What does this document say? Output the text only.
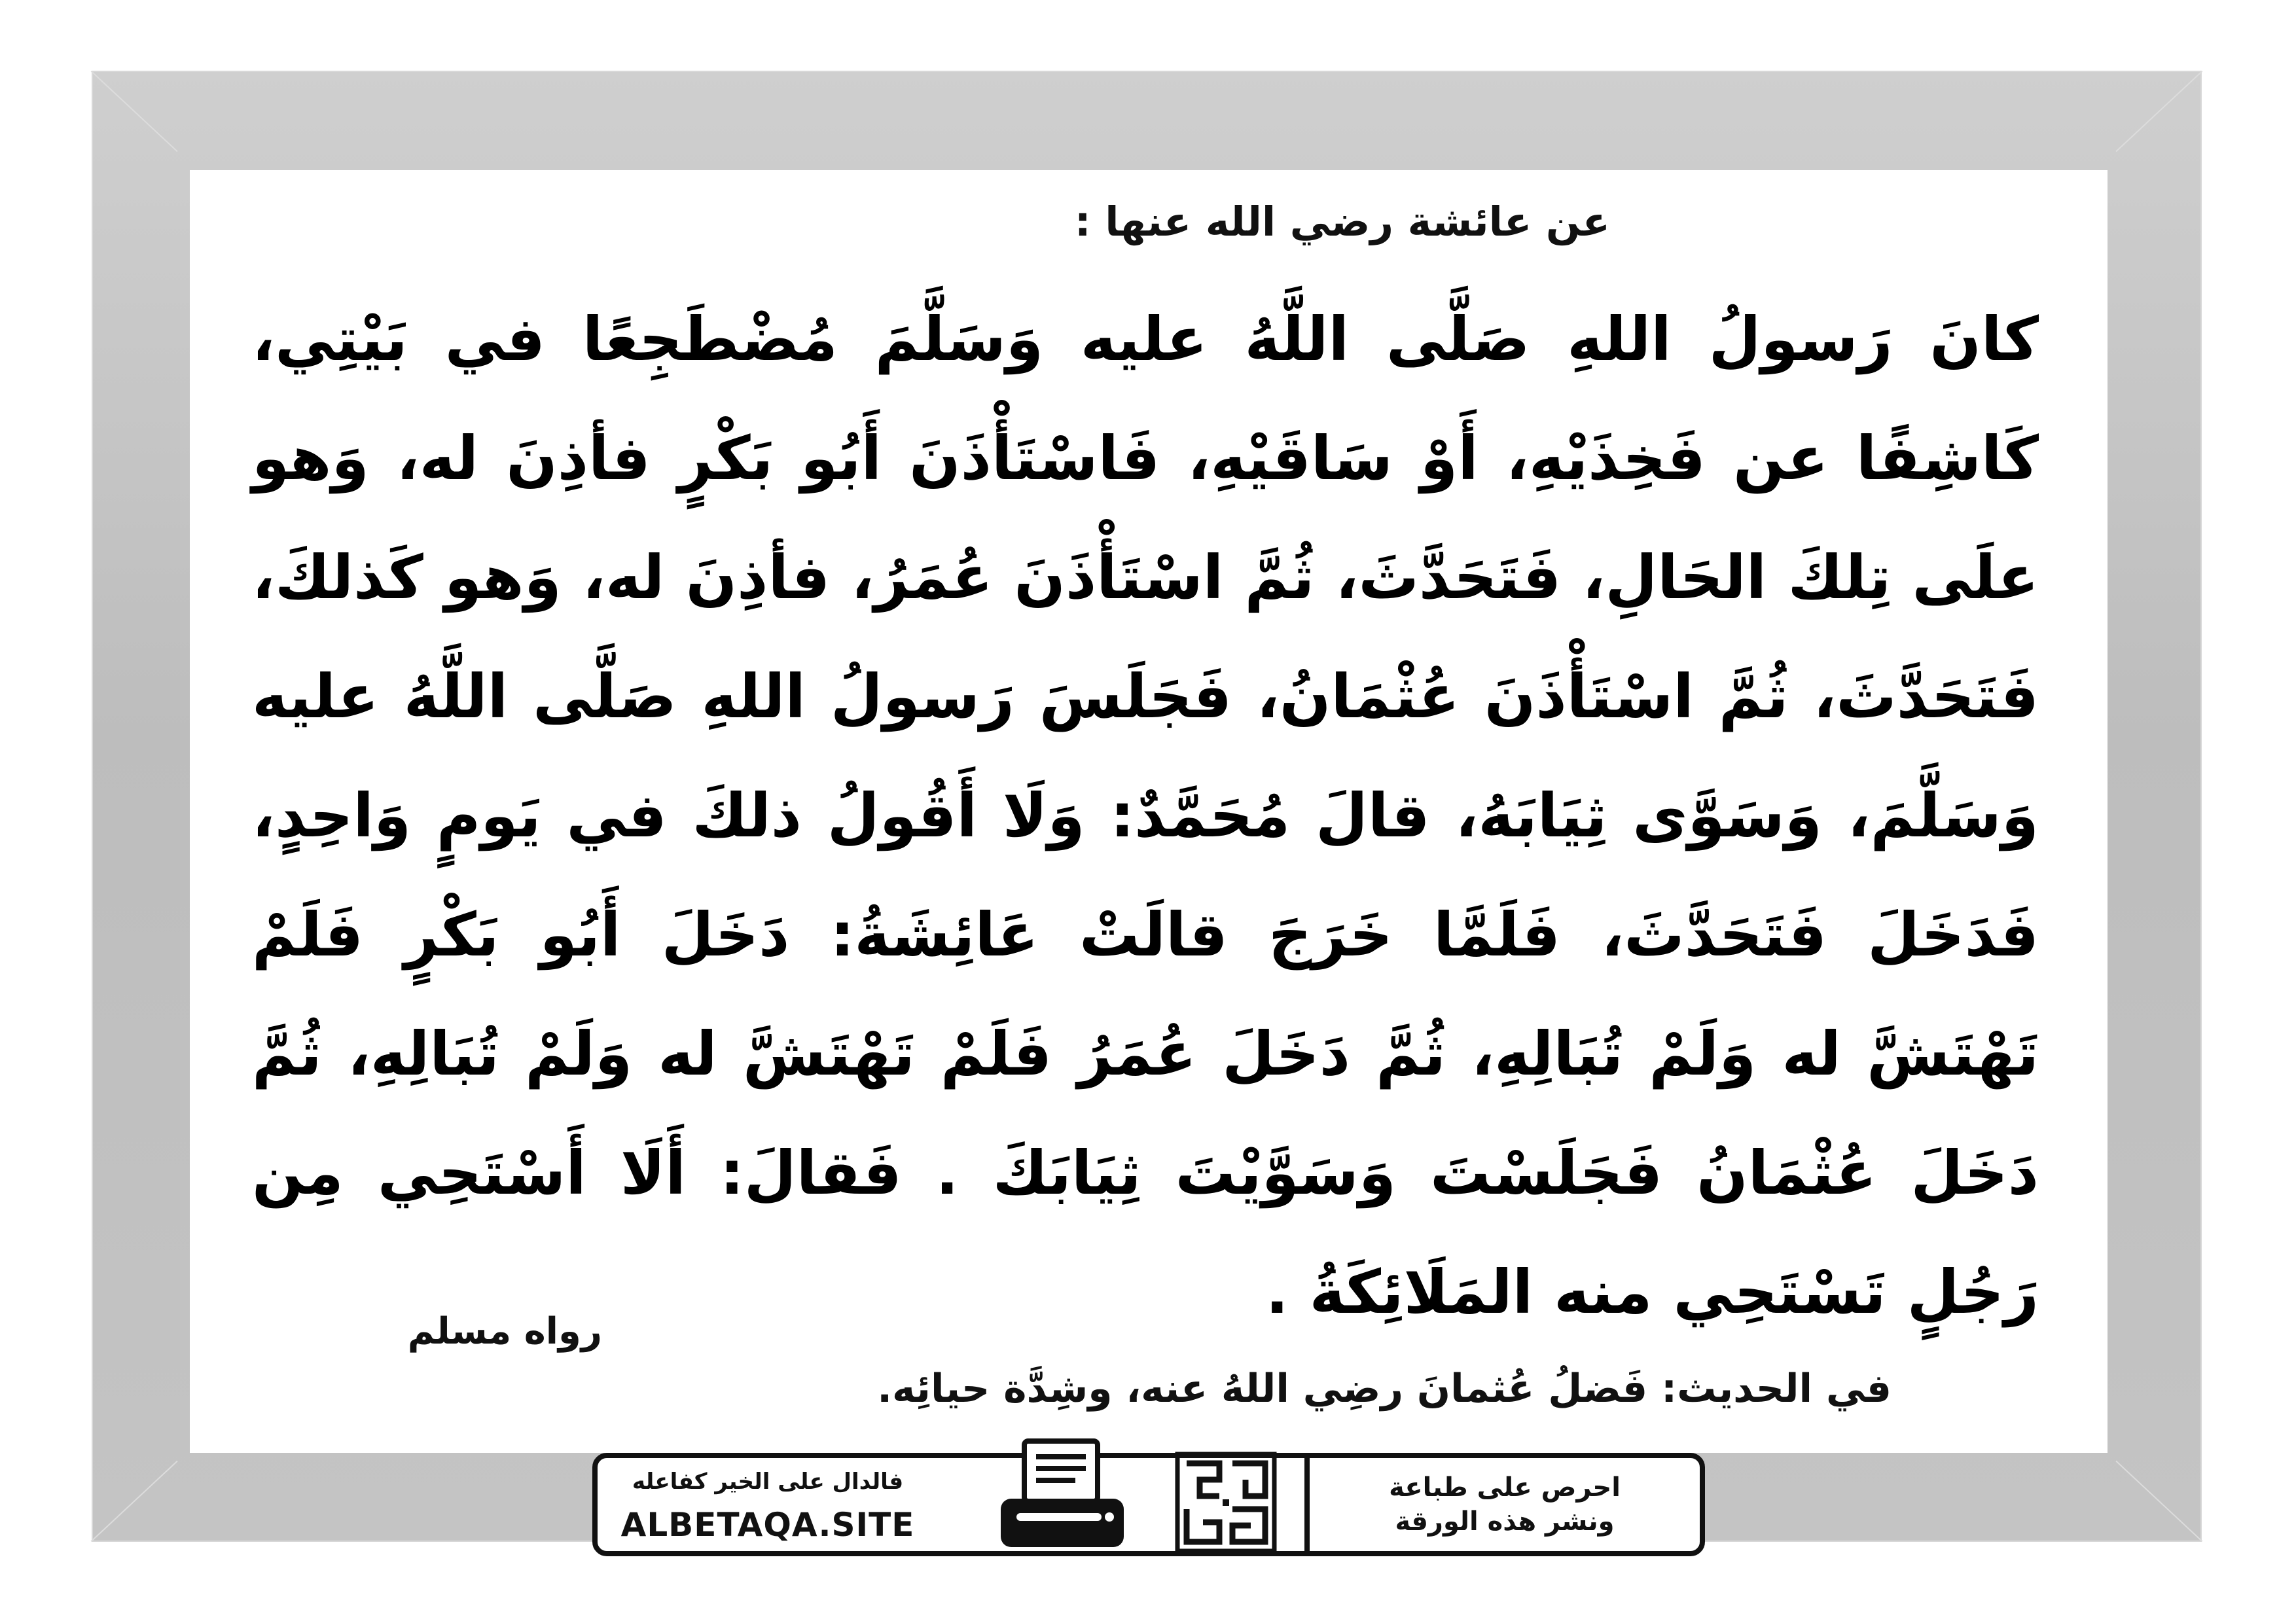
عن عائشة رضي الله عنها :
كانَ رَسولُ اللهِ صَلَّى اللَّهُ عليه وَسَلَّمَ مُضْطَجِعًا في بَيْتِي، كَاشِفًا عن فَخِذَيْهِ، أَوْ سَاقَيْهِ، فَاسْتَأْذَنَ أَبُو بَكْرٍ فأذِنَ له، وَهو علَى تِلكَ الحَالِ، فَتَحَدَّثَ، ثُمَّ اسْتَأْذَنَ عُمَرُ، فأذِنَ له، وَهو كَذلكَ، فَتَحَدَّثَ، ثُمَّ اسْتَأْذَنَ عُثْمَانُ، فَجَلَسَ رَسولُ اللهِ صَلَّى اللَّهُ عليه وَسَلَّمَ، وَسَوَّى ثِيَابَهُ، قالَ مُحَمَّدٌ: وَلَا أَقُولُ ذلكَ في يَومٍ وَاحِدٍ، فَدَخَلَ فَتَحَدَّثَ، فَلَمَّا خَرَجَ قالَتْ عَائِشَةُ: دَخَلَ أَبُو بَكْرٍ فَلَمْ تَهْتَشَّ له وَلَمْ تُبَالِهِ، ثُمَّ دَخَلَ عُمَرُ فَلَمْ تَهْتَشَّ له وَلَمْ تُبَالِهِ، ثُمَّ دَخَلَ عُثْمَانُ فَجَلَسْتَ وَسَوَّيْتَ ثِيَابَكَ . فَقالَ: أَلَا أَسْتَحِي مِن رَجُلٍ تَسْتَحِي منه المَلَائِكَةُ .
رواه مسلم
في الحديث: فَضلُ عُثمانَ رضِي اللهُ عنه، وشِدَّة حيائِه.
فالدال على الخير كفاعله
ALBETAQA.SITE
احرص على طباعة
ونشر هذه الورقة
